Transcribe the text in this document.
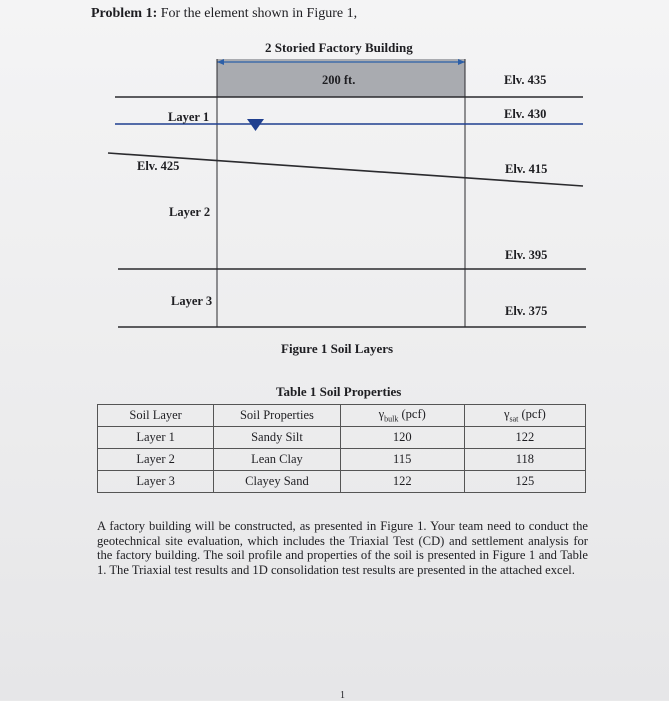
Problem 1: For the element shown in Figure 1,
2 Storied Factory Building
200 ft.	Elv. 435
Elv. 430
Layer 1
Elv. 425	Elv. 415
Layer 2
Elv. 395
Layer 3
Elv. 375
Figure 1 Soil Layers
Table 1 Soil Properties
Soil Layer	Soil Properties	$\gamma_{bulk}$ (pcf)	$\gamma_{sat}$ (pcf)
Layer 1	Sandy Silt	120	122
Layer 2	Lean Clay	115	118
Layer 3	Clayey Sand	122	125
A factory building will be constructed, as presented in Figure 1. Your team need to conduct the geotechnical site evaluation, which includes the Triaxial Test (CD) and settlement analysis for the factory building. The soil profile and properties of the soil is presented in Figure 1 and Table 1. The Triaxial test results and 1D consolidation test results are presented in the attached excel.
1
